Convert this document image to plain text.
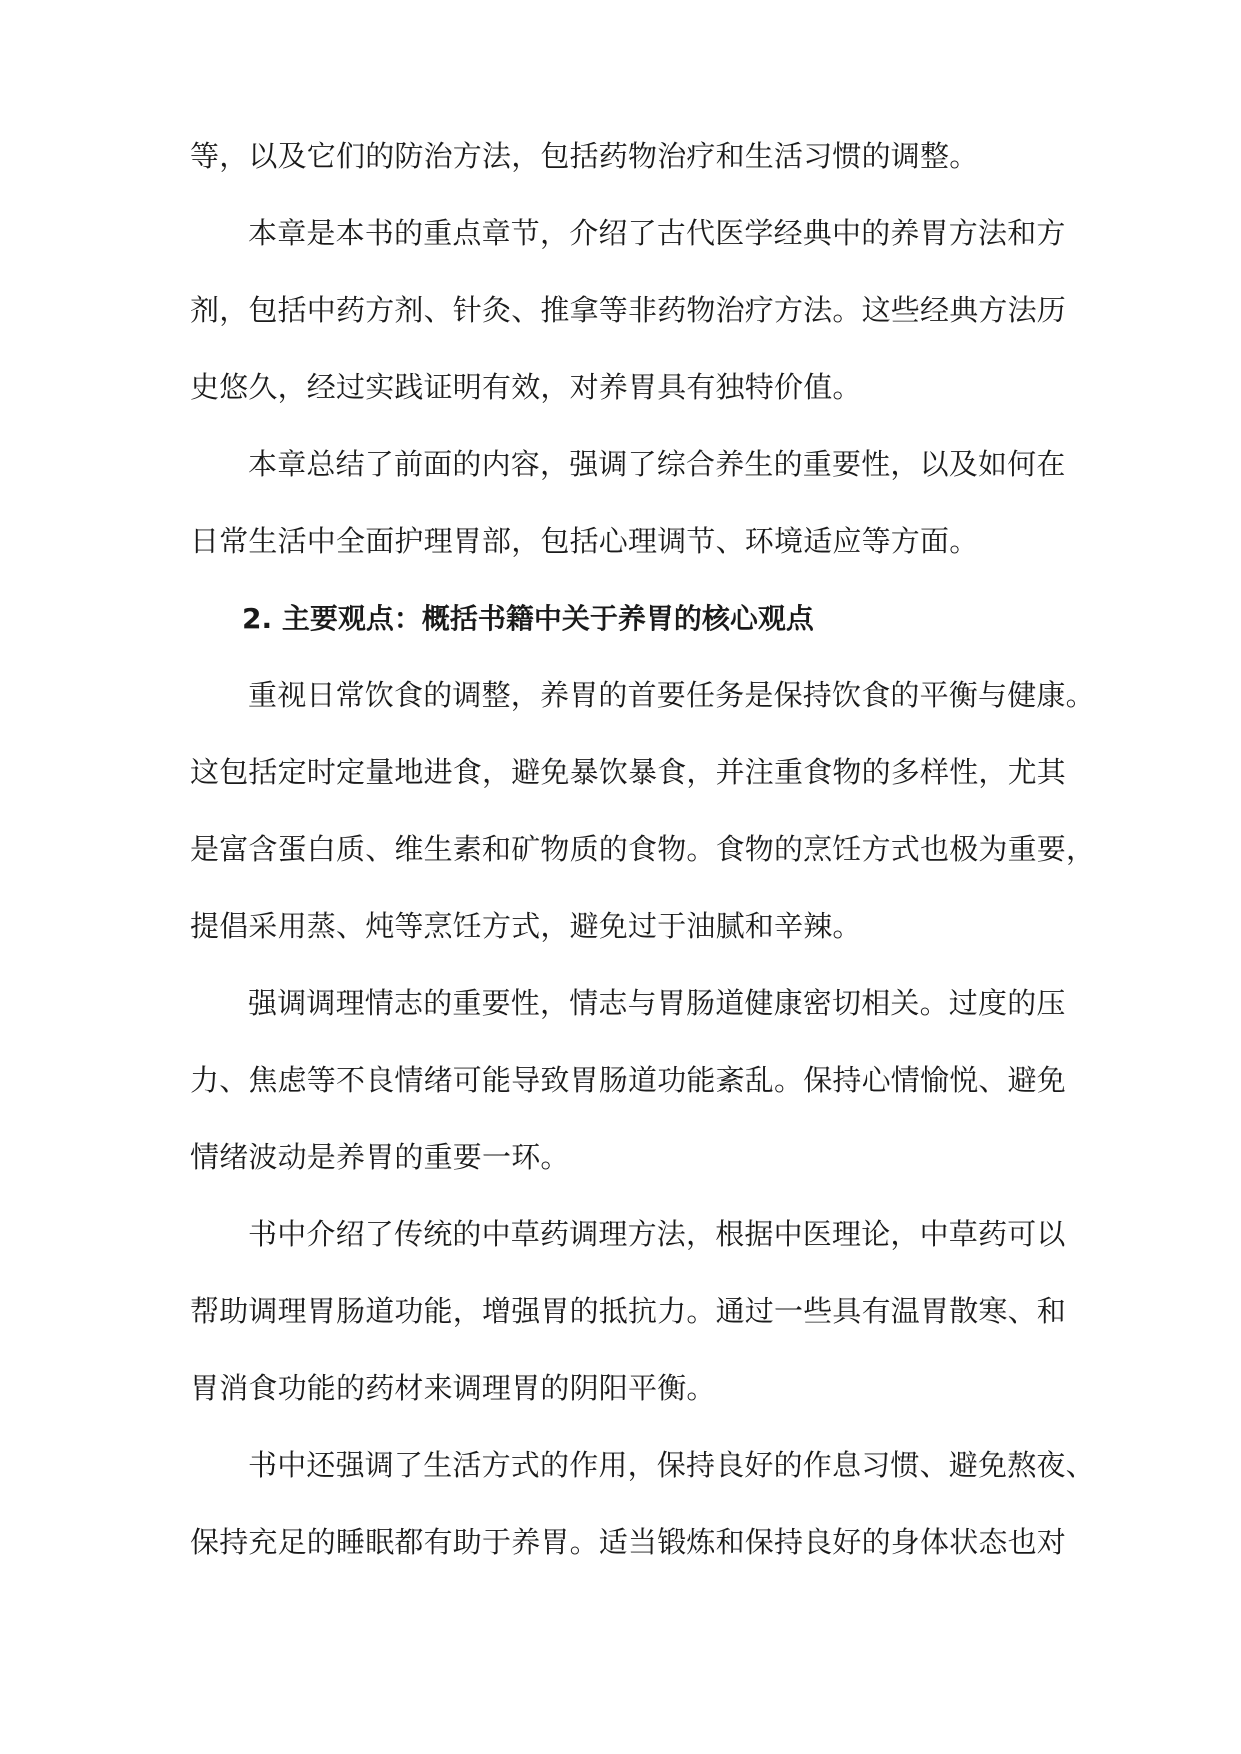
等，以及它们的防治方法，包括药物治疗和生活习惯的调整。
本章是本书的重点章节，介绍了古代医学经典中的养胃方法和方
剂，包括中药方剂、针灸、推拿等非药物治疗方法。这些经典方法历
史悠久，经过实践证明有效，对养胃具有独特价值。
本章总结了前面的内容，强调了综合养生的重要性，以及如何在
日常生活中全面护理胃部，包括心理调节、环境适应等方面。
2. 主要观点：概括书籍中关于养胃的核心观点
重视日常饮食的调整，养胃的首要任务是保持饮食的平衡与健康。
这包括定时定量地进食，避免暴饮暴食，并注重食物的多样性，尤其
是富含蛋白质、维生素和矿物质的食物。食物的烹饪方式也极为重要，
提倡采用蒸、炖等烹饪方式，避免过于油腻和辛辣。
强调调理情志的重要性，情志与胃肠道健康密切相关。过度的压
力、焦虑等不良情绪可能导致胃肠道功能紊乱。保持心情愉悦、避免
情绪波动是养胃的重要一环。
书中介绍了传统的中草药调理方法，根据中医理论，中草药可以
帮助调理胃肠道功能，增强胃的抵抗力。通过一些具有温胃散寒、和
胃消食功能的药材来调理胃的阴阳平衡。
书中还强调了生活方式的作用，保持良好的作息习惯、避免熬夜、
保持充足的睡眠都有助于养胃。适当锻炼和保持良好的身体状态也对
